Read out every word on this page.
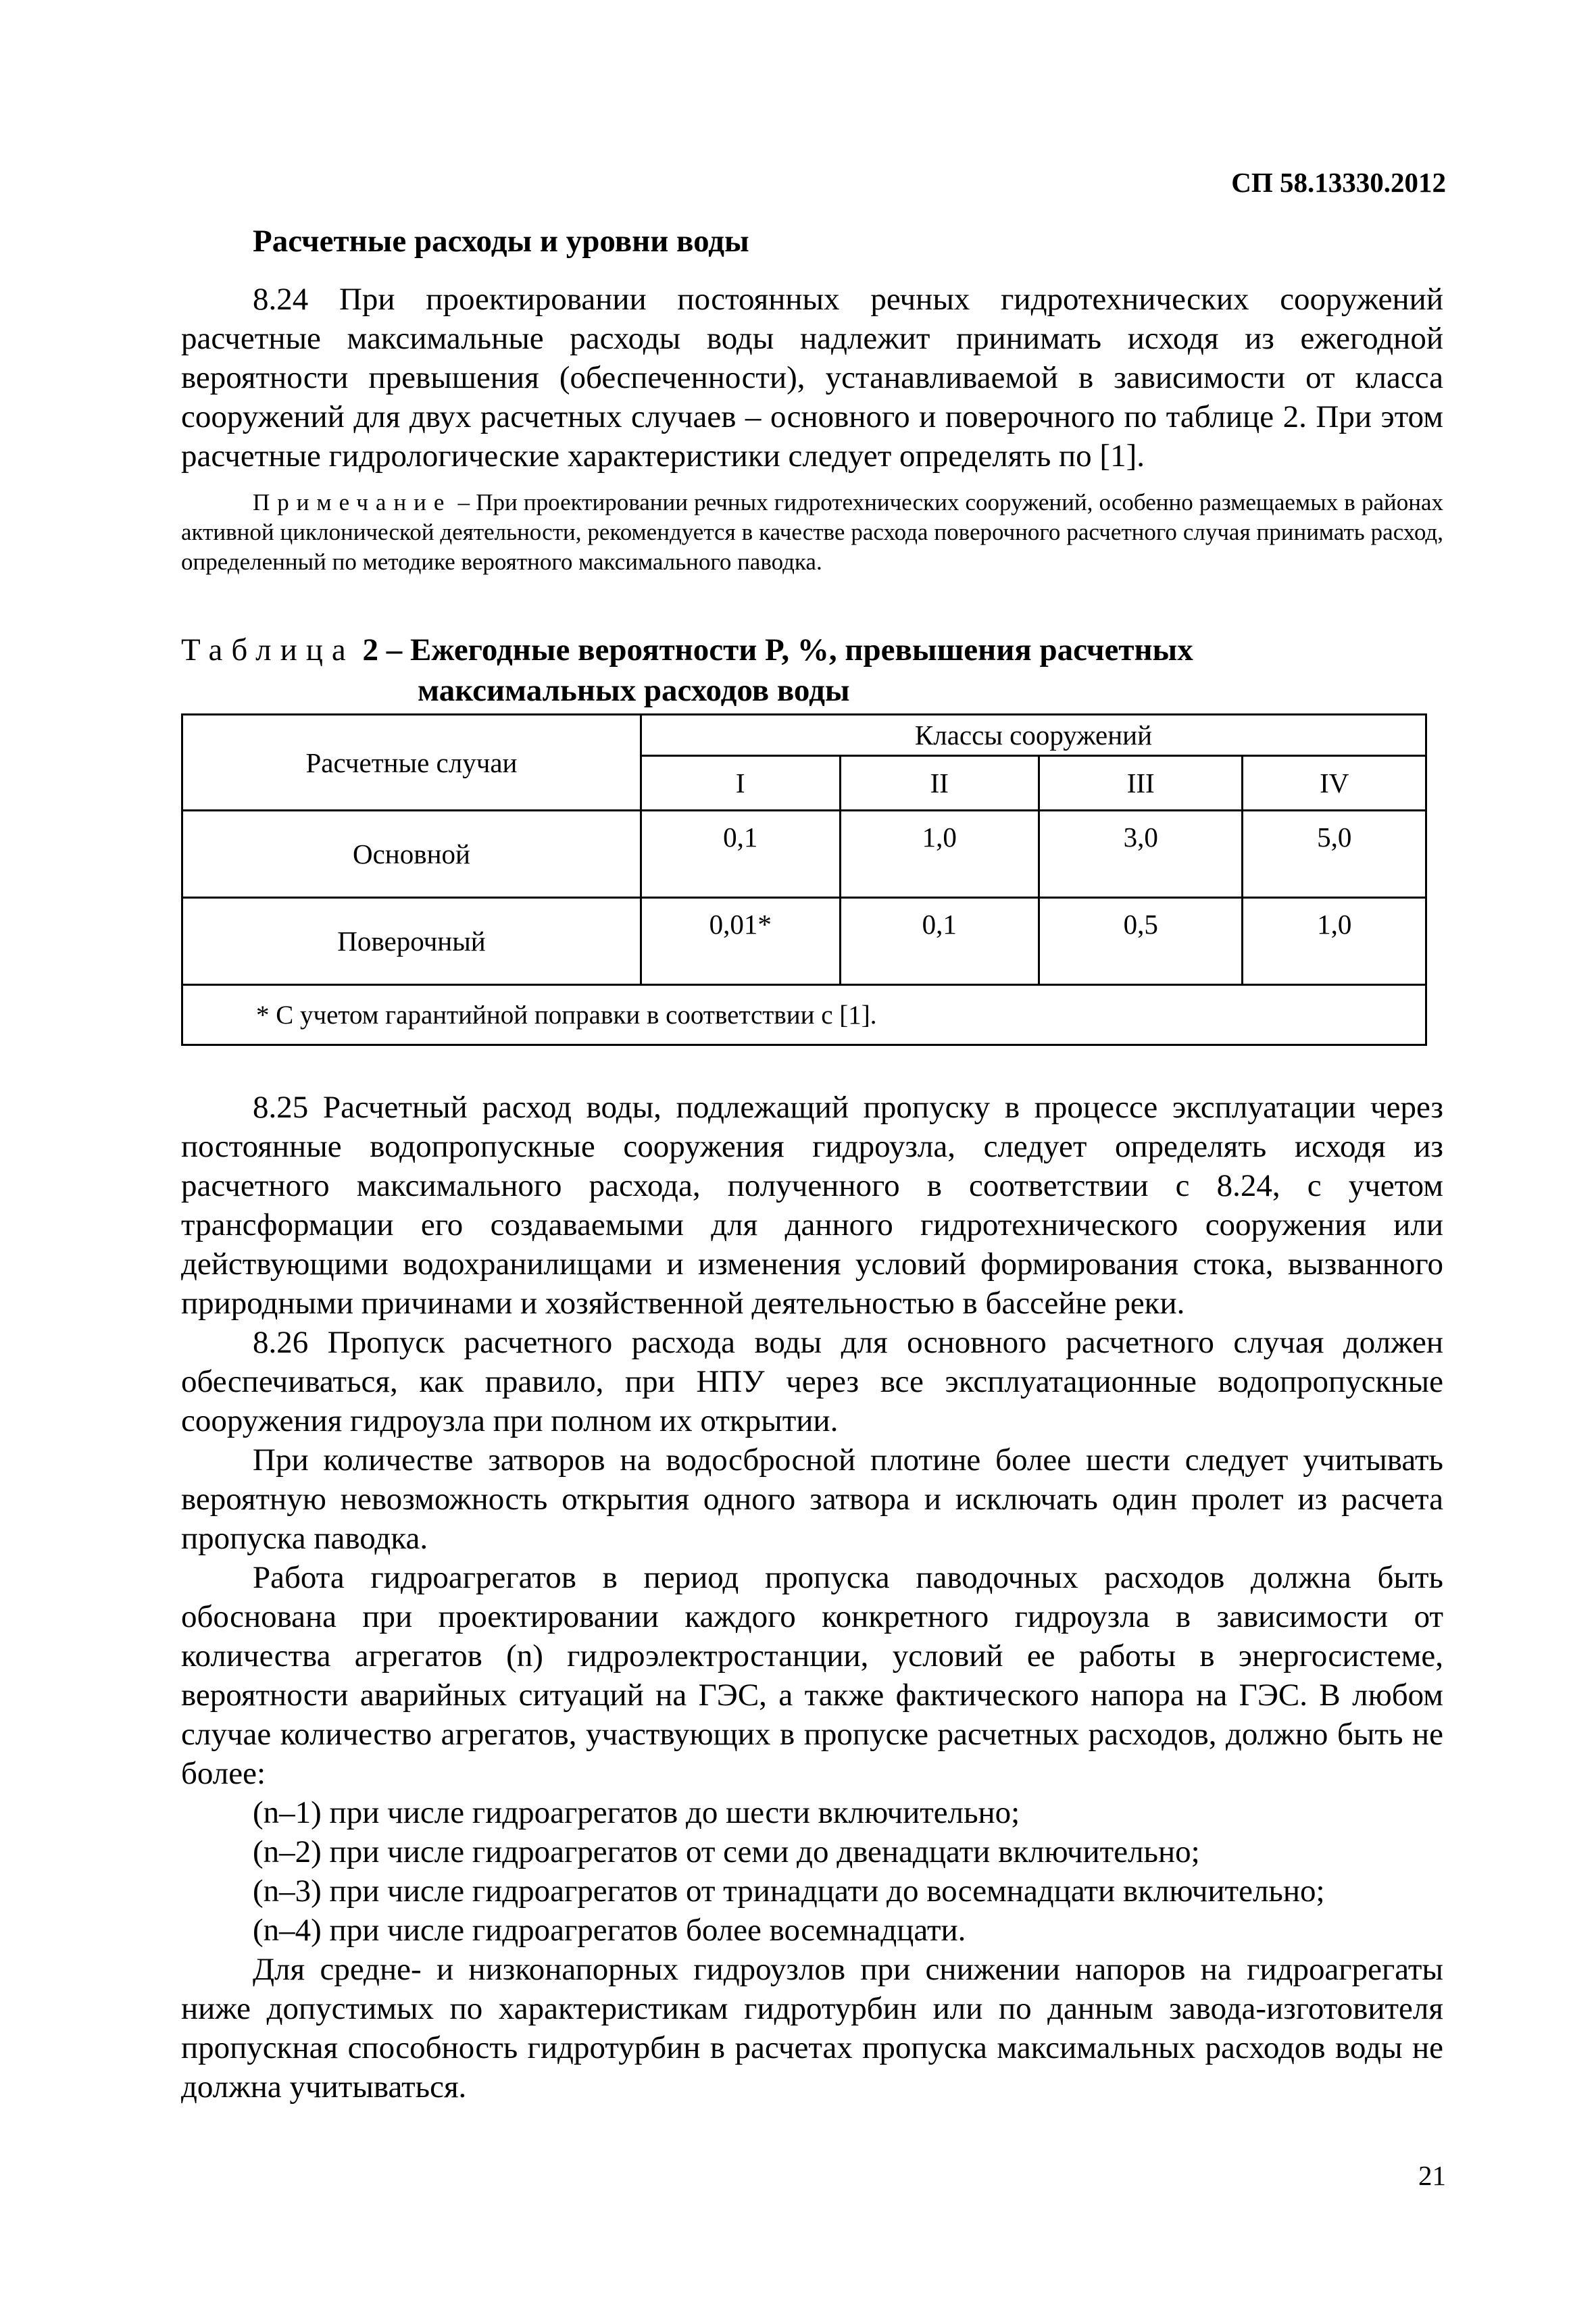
СП 58.13330.2012
Расчетные расходы и уровни воды

8.24 При проектировании постоянных речных гидротехнических сооружений расчетные максимальные расходы воды надлежит принимать исходя из ежегодной вероятности превышения (обеспеченности), устанавливаемой в зависимости от класса сооружений для двух расчетных случаев – основного и поверочного по таблице 2. При этом расчетные гидрологические характеристики следует определять по [1].

Примечание – При проектировании речных гидротехнических сооружений, особенно размещаемых в районах активной циклонической деятельности, рекомендуется в качестве расхода поверочного расчетного случая принимать расход, определенный по методике вероятного максимального паводка.
Таблица 2 – Ежегодные вероятности P, %, превышения расчетных
максимальных расходов воды
Расчетные случаи	Классы сооружений			
	I	II	III	IV
Основной	0,1	1,0	3,0	5,0
Поверочный	0,01*	0,1	0,5	1,0
* С учетом гарантийной поправки в соответствии с [1].				

8.25 Расчетный расход воды, подлежащий пропуску в процессе эксплуатации через постоянные водопропускные сооружения гидроузла, следует определять исходя из расчетного максимального расхода, полученного в соответствии с 8.24, с учетом трансформации его создаваемыми для данного гидротехнического сооружения или действующими водохранилищами и изменения условий формирования стока, вызванного природными причинами и хозяйственной деятельностью в бассейне реки.

8.26 Пропуск расчетного расхода воды для основного расчетного случая должен обеспечиваться, как правило, при НПУ через все эксплуатационные водопропускные сооружения гидроузла при полном их открытии.

При количестве затворов на водосбросной плотине более шести следует учитывать вероятную невозможность открытия одного затвора и исключать один пролет из расчета пропуска паводка.

Работа гидроагрегатов в период пропуска паводочных расходов должна быть обоснована при проектировании каждого конкретного гидроузла в зависимости от количества агрегатов (n) гидроэлектростанции, условий ее работы в энергосистеме, вероятности аварийных ситуаций на ГЭС, а также фактического напора на ГЭС. В любом случае количество агрегатов, участвующих в пропуске расчетных расходов, должно быть не более:

(n–1) при числе гидроагрегатов до шести включительно;
(n–2) при числе гидроагрегатов от семи до двенадцати включительно;
(n–3) при числе гидроагрегатов от тринадцати до восемнадцати включительно;
(n–4) при числе гидроагрегатов более восемнадцати.

Для средне- и низконапорных гидроузлов при снижении напоров на гидроагрегаты ниже допустимых по характеристикам гидротурбин или по данным завода-изготовителя пропускная способность гидротурбин в расчетах пропуска максимальных расходов воды не должна учитываться.

21
